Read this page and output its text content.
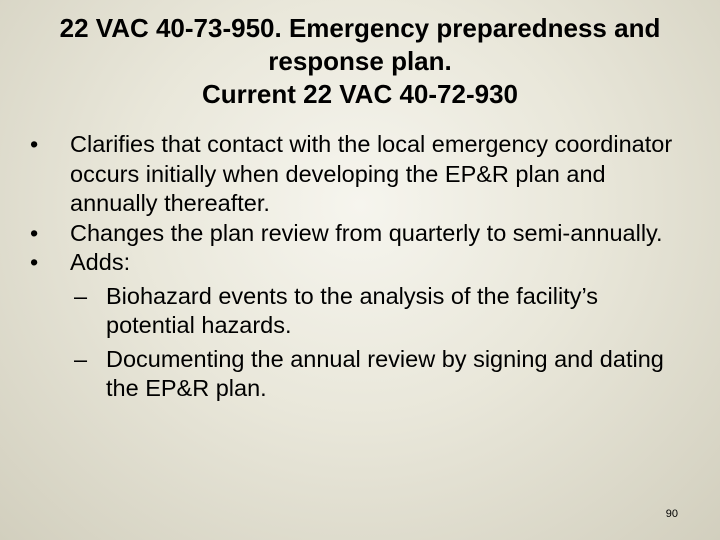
22 VAC 40-73-950. Emergency preparedness and
response plan.
Current 22 VAC 40-72-930
•	Clarifies that contact with the local emergency coordinator occurs initially when developing the EP&R plan and annually thereafter.
•	Changes the plan review from quarterly to semi-annually.
•	Adds:
– Biohazard events to the analysis of the facility’s potential hazards.
– Documenting the annual review by signing and dating the EP&R plan.
90
